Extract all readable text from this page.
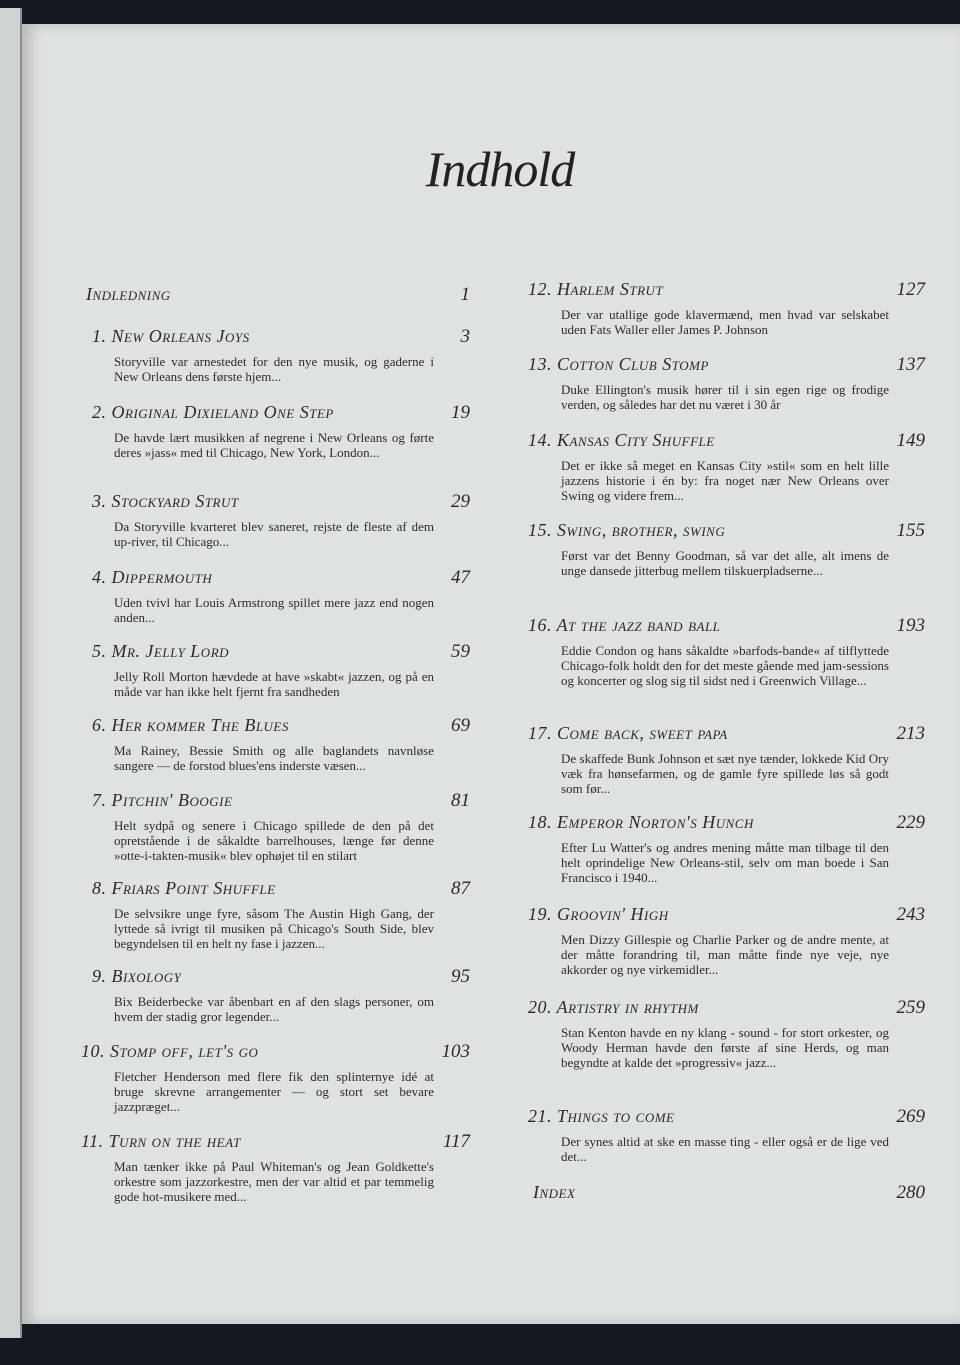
Indhold
Indledning	1
1. New Orleans Joys	3
Storyville var arnestedet for den nye musik, og gaderne i New Orleans dens første hjem...
2. Original Dixieland One Step	19
De havde lært musikken af negrene i New Orleans og førte deres »jass« med til Chicago, New York, London...
3. Stockyard Strut	29
Da Storyville kvarteret blev saneret, rejste de fleste af dem up-river, til Chicago...
4. Dippermouth	47
Uden tvivl har Louis Armstrong spillet mere jazz end nogen anden...
5. Mr. Jelly Lord	59
Jelly Roll Morton hævdede at have »skabt« jazzen, og på en måde var han ikke helt fjernt fra sandheden
6. Her kommer The Blues	69
Ma Rainey, Bessie Smith og alle baglandets navnløse sangere — de forstod blues'ens inderste væsen...
7. Pitchin' Boogie	81
Helt sydpå og senere i Chicago spillede de den på det opretstående i de såkaldte barrelhouses, længe før denne »otte-i-takten-musik« blev ophøjet til en stilart
8. Friars Point Shuffle	87
De selvsikre unge fyre, såsom The Austin High Gang, der lyttede så ivrigt til musiken på Chicago's South Side, blev begyndelsen til en helt ny fase i jazzen...
9. Bixology	95
Bix Beiderbecke var åbenbart en af den slags personer, om hvem der stadig gror legender...
10. Stomp off, let's go	103
Fletcher Henderson med flere fik den splinternye idé at bruge skrevne arrangementer — og stort set bevare jazzpræget...
11. Turn on the heat	117
Man tænker ikke på Paul Whiteman's og Jean Goldkette's orkestre som jazzorkestre, men der var altid et par temmelig gode hot-musikere med...
12. Harlem Strut	127
Der var utallige gode klavermænd, men hvad var selskabet uden Fats Waller eller James P. Johnson
13. Cotton Club Stomp	137
Duke Ellington's musik hører til i sin egen rige og frodige verden, og således har det nu været i 30 år
14. Kansas City Shuffle	149
Det er ikke så meget en Kansas City »stil« som en helt lille jazzens historie i én by: fra noget nær New Orleans over Swing og videre frem...
15. Swing, brother, swing	155
Først var det Benny Goodman, så var det alle, alt imens de unge dansede jitterbug mellem tilskuerpladserne...
16. At the jazz band ball	193
Eddie Condon og hans såkaldte »barfods-bande« af tilflyttede Chicago-folk holdt den for det meste gående med jam-sessions og koncerter og slog sig til sidst ned i Greenwich Village...
17. Come back, sweet papa	213
De skaffede Bunk Johnson et sæt nye tænder, lokkede Kid Ory væk fra hønsefarmen, og de gamle fyre spillede løs så godt som før...
18. Emperor Norton's Hunch	229
Efter Lu Watter's og andres mening måtte man tilbage til den helt oprindelige New Orleans-stil, selv om man boede i San Francisco i 1940...
19. Groovin' High	243
Men Dizzy Gillespie og Charlie Parker og de andre mente, at der måtte forandring til, man måtte finde nye veje, nye akkorder og nye virkemidler...
20. Artistry in rhythm	259
Stan Kenton havde en ny klang - sound - for stort orkester, og Woody Herman havde den første af sine Herds, og man begyndte at kalde det »progressiv« jazz...
21. Things to come	269
Der synes altid at ske en masse ting - eller også er de lige ved det...
Index	280
